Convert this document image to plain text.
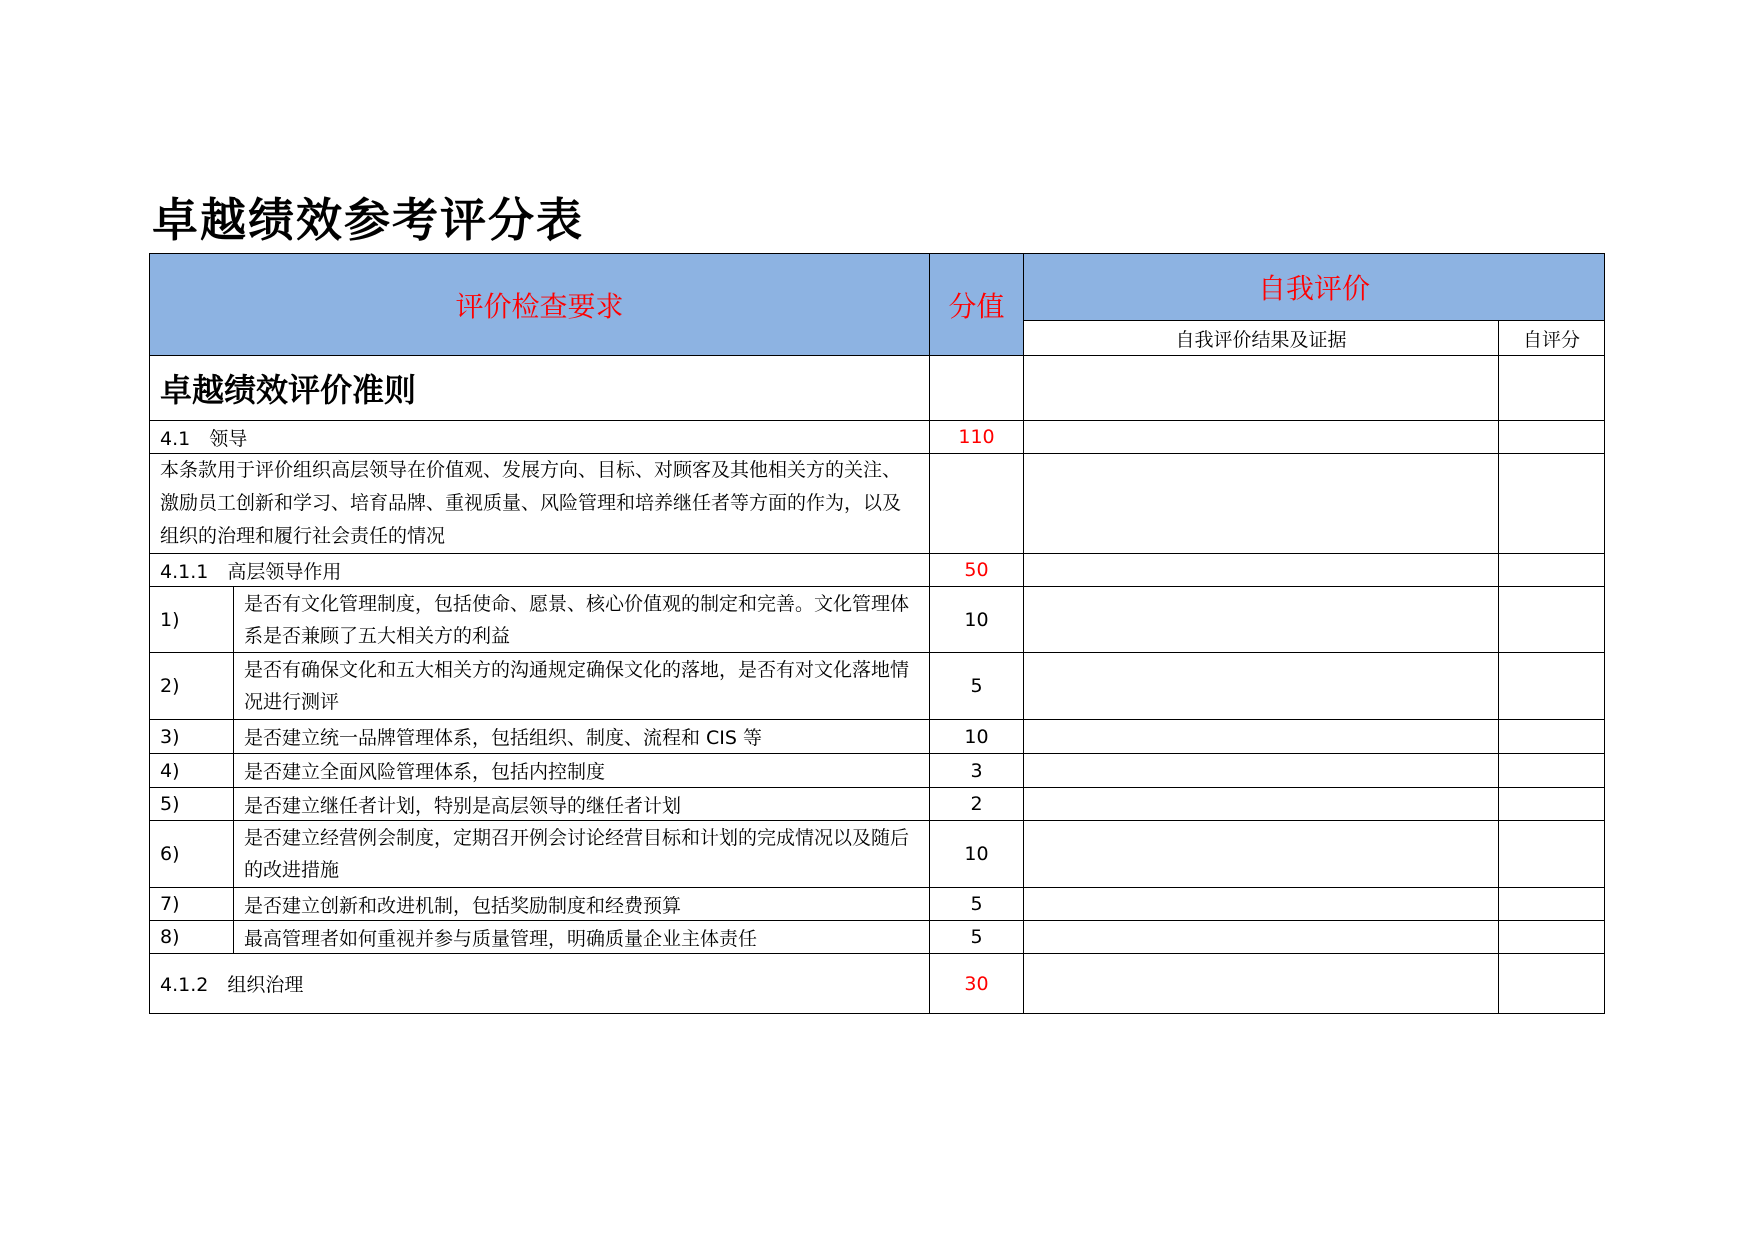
卓越绩效参考评分表
评价检查要求		分值	自我评价	
			自我评价结果及证据	自评分
卓越绩效评价准则				
4.1　领导		110		
本条款用于评价组织高层领导在价值观、发展方向、目标、对顾客及其他相关方的关注、激励员工创新和学习、培育品牌、重视质量、风险管理和培养继任者等方面的作为，以及组织的治理和履行社会责任的情况				
4.1.1　高层领导作用		50		
1)	是否有文化管理制度，包括使命、愿景、核心价值观的制定和完善。文化管理体系是否兼顾了五大相关方的利益	10		
2)	是否有确保文化和五大相关方的沟通规定确保文化的落地，是否有对文化落地情况进行测评	5		
3)	是否建立统一品牌管理体系，包括组织、制度、流程和 CIS 等	10		
4)	是否建立全面风险管理体系，包括内控制度	3		
5)	是否建立继任者计划，特别是高层领导的继任者计划	2		
6)	是否建立经营例会制度，定期召开例会讨论经营目标和计划的完成情况以及随后的改进措施	10		
7)	是否建立创新和改进机制，包括奖励制度和经费预算	5		
8)	最高管理者如何重视并参与质量管理，明确质量企业主体责任	5		
4.1.2　组织治理		30		
